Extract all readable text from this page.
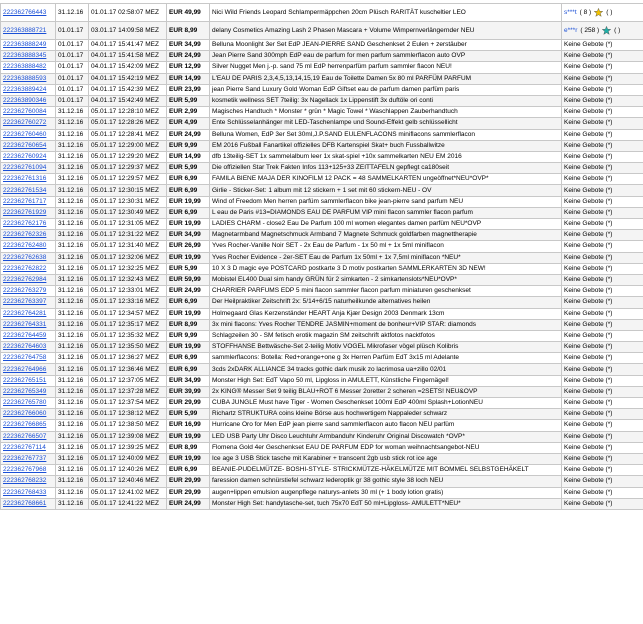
222362766443	31.12.16	01.01.17 02:58:07 MEZ	EUR 49,99	Nici Wild Friends Leopard Schlampermäppchen 20cm Plüsch RARITÄT kuscheltier LEO	s***t ( 8 ) ( )

222363888721	01.01.17	03.01.17 14:09:58 MEZ	EUR 8,99	delany Cosmetics Amazing Lash 2 Phasen Mascara + Volume Wimpernverlängernder NEU	e***r ( 258 ) ( )

222363888249	01.01.17	04.01.17 15:41:47 MEZ	EUR 34,99	Belluna Moonlight 3er Set EdP JEAN-PIERRE SAND Geschenkset 2 Eulen + zerstäuber	Keine Gebote (*)
222363888345	01.01.17	04.01.17 15:41:58 MEZ	EUR 24,99	Jean Pierre Sand 300mph EdP eau de parfum for men parfum sammlerflacon auto OVP	Keine Gebote (*)
222363888482	01.01.17	04.01.17 15:42:09 MEZ	EUR 12,99	Silver Nugget Men j.-p. sand 75 ml EdP herrenparfüm parfum sammler flacon NEU!	Keine Gebote (*)
222363888593	01.01.17	04.01.17 15:42:19 MEZ	EUR 14,99	L'EAU DE PARIS 2,3,4,5,13,14,15,19 Eau de Toilette Damen 5x 80 ml PARFÜM PARFUM	Keine Gebote (*)
222363889424	01.01.17	04.01.17 15:42:39 MEZ	EUR 23,99	jean Pierre Sand Luxury Gold Woman EdP Giftset eau de parfum damen parfüm paris	Keine Gebote (*)
222363890346	01.01.17	04.01.17 15:42:49 MEZ	EUR 5,99	kosmetik wellness SET 7teilig: 3x Nagellack 1x Lippenstift 3x duftöle ori conti	Keine Gebote (*)
222362760084	31.12.16	05.01.17 12:28:10 MEZ	EUR 2,99	Magisches Handtuch * Monster * grün * Magic Towel * Waschlappen Zauberhandtuch	Keine Gebote (*)
222362760272	31.12.16	05.01.17 12:28:26 MEZ	EUR 4,99	Ente Schlüsselanhänger mit LED-Taschenlampe und Sound-Effekt gelb schlüssellicht	Keine Gebote (*)
222362760460	31.12.16	05.01.17 12:28:41 MEZ	EUR 24,99	Belluna Women, EdP 3er Set 30ml,J.P.SAND EULENFLACONS miniflacons sammlerflacon	Keine Gebote (*)
222362760654	31.12.16	05.01.17 12:29:00 MEZ	EUR 9,99	EM 2016 Fußball Fanartikel offizielles DFB Kartenspiel Skat+ buch Fussballwitze	Keine Gebote (*)
222362760924	31.12.16	05.01.17 12:29:20 MEZ	EUR 14,99	dfb 13teilig-SET 1x sammelalbum leer 1x skat-spiel +10x sammelkarten NEU EM 2016	Keine Gebote (*)
222362761094	31.12.16	05.01.17 12:29:37 MEZ	EUR 5,99	Die offiziellen Star Trek Fakten Infos 113+125+33 ZEITTAFELN gepflegt ca180seit	Keine Gebote (*)
222362761316	31.12.16	05.01.17 12:29:57 MEZ	EUR 6,99	FAMILA BIENE MAJA DER KINOFILM 12 PACK = 48 SAMMELKARTEN ungeöffnet*NEU*OVP*	Keine Gebote (*)
222362761534	31.12.16	05.01.17 12:30:15 MEZ	EUR 6,99	Girlie - Sticker-Set: 1 album mit 12 stickern + 1 set mit 60 stickern-NEU - OV	Keine Gebote (*)
222362761717	31.12.16	05.01.17 12:30:31 MEZ	EUR 19,99	Wind of Freedom Men herren parfüm sammlerflacon bike jean-pierre sand parfum NEU	Keine Gebote (*)
222362761929	31.12.16	05.01.17 12:30:49 MEZ	EUR 6,99	L eau de Paris #13=DIAMONDS EAU DE PARFUM VIP mini flacon sammler flacon parfum	Keine Gebote (*)
222362762176	31.12.16	05.01.17 12:31:05 MEZ	EUR 19,99	LADIES CHARM - close2 Eau De Parfum 100 ml women elegantes damen parfüm NEU*OVP	Keine Gebote (*)
222362762326	31.12.16	05.01.17 12:31:22 MEZ	EUR 34,99	Magnetarmband Magnetschmuck Armband 7 Magnete Schmuck goldfarben magnettherapie	Keine Gebote (*)
222362762480	31.12.16	05.01.17 12:31:40 MEZ	EUR 26,99	Yves Rocher-Vanille Noir SET - 2x Eau de Parfum - 1x 50 ml + 1x 5ml miniflacon	Keine Gebote (*)
222362762638	31.12.16	05.01.17 12:32:06 MEZ	EUR 19,99	Yves Rocher Evidence - 2er-SET Eau de Parfum 1x 50ml + 1x 7,5ml miniflacon *NEU*	Keine Gebote (*)
222362762822	31.12.16	05.01.17 12:32:25 MEZ	EUR 5,99	10 X 3 D magic eye POSTCARD postkarte 3 D motiv postkarten SAMMLERKARTEN 3D NEW!	Keine Gebote (*)
222362762984	31.12.16	05.01.17 12:32:43 MEZ	EUR 59,99	Mobistel EL400 Dual sim handy GRÜN für 2 simkarten - 2 simkartenslots*NEU*OVP*	Keine Gebote (*)
222362763279	31.12.16	05.01.17 12:33:01 MEZ	EUR 24,99	CHARRIER PARFUMS EDP 5 mini flacon sammler flacon parfum miniaturen geschenkset	Keine Gebote (*)
222362763397	31.12.16	05.01.17 12:33:16 MEZ	EUR 6,99	Der Heilpraktiker Zeitschrift 2x: 5/14+6/15 naturheilkunde alternatives heilen	Keine Gebote (*)
222362764281	31.12.16	05.01.17 12:34:57 MEZ	EUR 19,99	Holmegaard Glas Kerzenständer HEART Anja Kjær Design 2003 Denmark 13cm	Keine Gebote (*)
222362764331	31.12.16	05.01.17 12:35:17 MEZ	EUR 8,99	3x mini flacons: Yves Rocher TENDRE JASMIN+moment de bonheur+VIP STAR: diamonds	Keine Gebote (*)
222362764459	31.12.16	05.01.17 12:35:32 MEZ	EUR 9,99	Schlagzeilen 30 - SM fetisch erotik magazin SM zeitschrift aktfotos nacktfotos	Keine Gebote (*)
222362764603	31.12.16	05.01.17 12:35:50 MEZ	EUR 19,99	STOFFHANSE Bettwäsche-Set 2-teilig Motiv VOGEL Mikrofaser vögel plüsch Kolibris	Keine Gebote (*)
222362764758	31.12.16	05.01.17 12:36:27 MEZ	EUR 6,99	sammlerflacons: Botella: Red+orange+one g 3x Herren Parfüm EdT 3x15 ml Adelante	Keine Gebote (*)
222362764966	31.12.16	05.01.17 12:36:46 MEZ	EUR 6,99	3cds 2xDARK ALLIANCE 34 tracks gothic dark musik zo lacrimosa ua+zillo 02/01	Keine Gebote (*)
222362765151	31.12.16	05.01.17 12:37:05 MEZ	EUR 34,99	Monster High Set: EdT Vapo 50 ml, Lipgloss in AMULETT, Künstliche Fingernägel!	Keine Gebote (*)
222362765349	31.12.16	05.01.17 12:37:28 MEZ	EUR 39,99	2x KING® Messer Set 9 teilig BLAU+ROT 6 Messer 2oretter 2 scheren =2SETS! NEU&OVP	Keine Gebote (*)
222362765780	31.12.16	05.01.17 12:37:54 MEZ	EUR 29,99	CUBA JUNGLE Must have Tiger - Women Geschenkset 100ml EdP 400ml Splash+LotionNEU	Keine Gebote (*)
222362766060	31.12.16	05.01.17 12:38:12 MEZ	EUR 5,99	Richartz STRUKTURA coins kleine Börse aus hochwertigem Nappaleder schwarz	Keine Gebote (*)
222362766865	31.12.16	05.01.17 12:38:50 MEZ	EUR 16,99	Hurricane Oro for Men EdP jean pierre sand sammlerflacon auto flacon NEU parfüm	Keine Gebote (*)
222362766507	31.12.16	05.01.17 12:39:08 MEZ	EUR 19,99	LED USB Party Uhr Disco Leuchtuhr Armbanduhr Kinderuhr Original Discowatch *OVP*	Keine Gebote (*)
222362767114	31.12.16	05.01.17 12:39:25 MEZ	EUR 8,99	Flomena Gold 4er Geschenkset EAU DE PARFUM EDP for woman weihnachtsangebot-NEU	Keine Gebote (*)
222362767737	31.12.16	05.01.17 12:40:09 MEZ	EUR 19,99	Ice age 3 USB Stick tasche mit Karabiner + transcent 2gb usb stick rot ice age	Keine Gebote (*)
222362767968	31.12.16	05.01.17 12:40:26 MEZ	EUR 6,99	BEANIE-PUDELMÜTZE- BOSHI-STYLE- STRICKMÜTZE-HÄKELMÜTZE MIT BOMMEL SELBSTGEHÄKELT	Keine Gebote (*)
222362768232	31.12.16	05.01.17 12:40:46 MEZ	EUR 29,99	faression damen schnürstiefel schwarz lederoptik gr 38 gothic style 38 loch NEU	Keine Gebote (*)
222362768433	31.12.16	05.01.17 12:41:02 MEZ	EUR 29,99	augen+lippen emulsion augenpflege naturys-anlets 30 ml (+ 1 body lotion gratis)	Keine Gebote (*)
222362768661	31.12.16	05.01.17 12:41:22 MEZ	EUR 24,99	Monster High Set: handytasche-set, tuch 75x70 EdT 50 ml+Lipgloss- AMULETT*NEU*	Keine Gebote (*)
